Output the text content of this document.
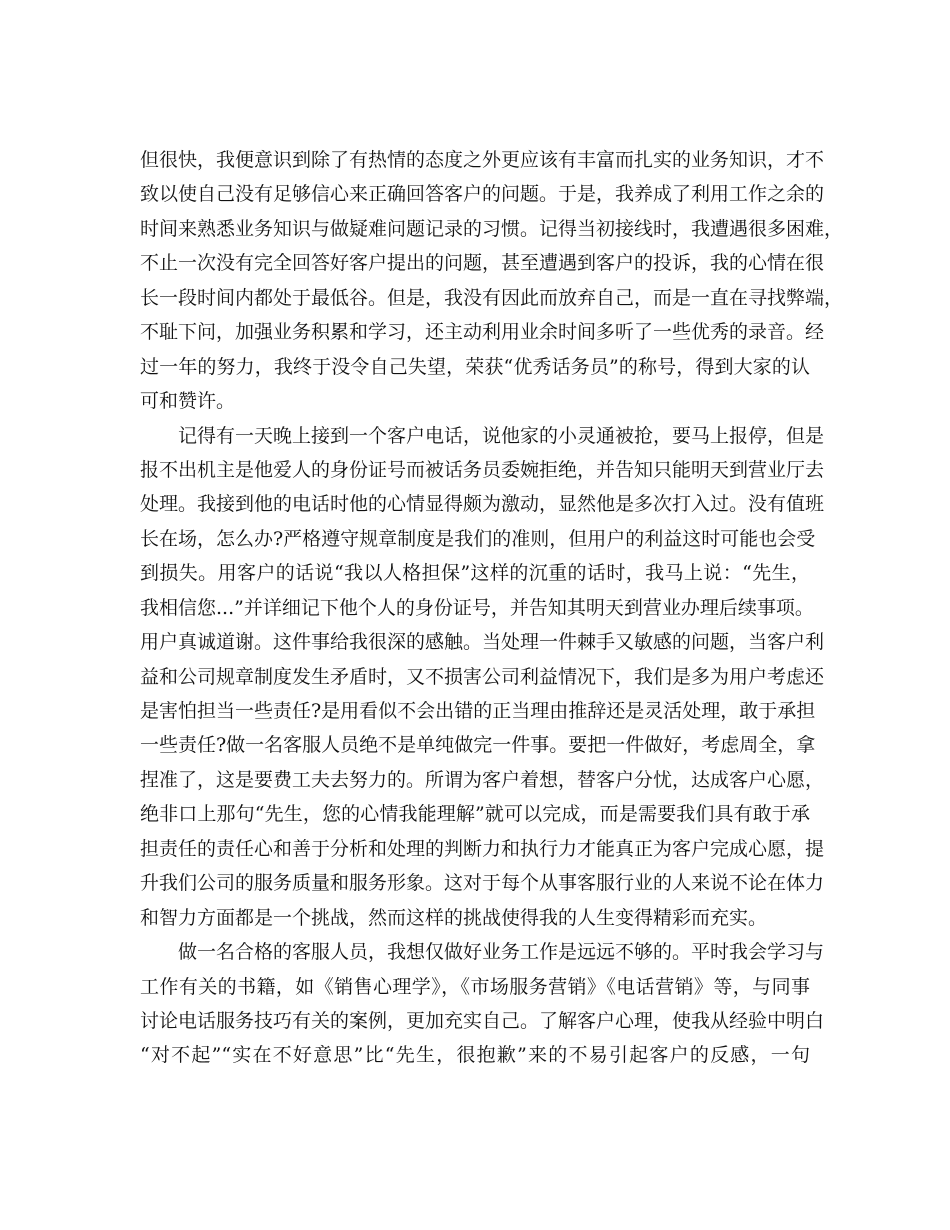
但很快，我便意识到除了有热情的态度之外更应该有丰富而扎实的业务知识，才不
致以使自己没有足够信心来正确回答客户的问题。于是，我养成了利用工作之余的
时间来熟悉业务知识与做疑难问题记录的习惯。记得当初接线时，我遭遇很多困难，
不止一次没有完全回答好客户提出的问题，甚至遭遇到客户的投诉，我的心情在很
长一段时间内都处于最低谷。但是，我没有因此而放弃自己，而是一直在寻找弊端，
不耻下问，加强业务积累和学习，还主动利用业余时间多听了一些优秀的录音。经
过一年的努力，我终于没令自己失望，荣获“优秀话务员”的称号，得到大家的认
可和赞许。
记得有一天晚上接到一个客户电话，说他家的小灵通被抢，要马上报停，但是
报不出机主是他爱人的身份证号而被话务员委婉拒绝，并告知只能明天到营业厅去
处理。我接到他的电话时他的心情显得颇为激动，显然他是多次打入过。没有值班
长在场，怎么办?严格遵守规章制度是我们的准则，但用户的利益这时可能也会受
到损失。用客户的话说“我以人格担保”这样的沉重的话时，我马上说：“先生，
我相信您...”并详细记下他个人的身份证号，并告知其明天到营业办理后续事项。
用户真诚道谢。这件事给我很深的感触。当处理一件棘手又敏感的问题，当客户利
益和公司规章制度发生矛盾时，又不损害公司利益情况下，我们是多为用户考虑还
是害怕担当一些责任?是用看似不会出错的正当理由推辞还是灵活处理，敢于承担
一些责任?做一名客服人员绝不是单纯做完一件事。要把一件做好，考虑周全，拿
捏准了，这是要费工夫去努力的。所谓为客户着想，替客户分忧，达成客户心愿，
绝非口上那句“先生，您的心情我能理解”就可以完成，而是需要我们具有敢于承
担责任的责任心和善于分析和处理的判断力和执行力才能真正为客户完成心愿，提
升我们公司的服务质量和服务形象。这对于每个从事客服行业的人来说不论在体力
和智力方面都是一个挑战，然而这样的挑战使得我的人生变得精彩而充实。
做一名合格的客服人员，我想仅做好业务工作是远远不够的。平时我会学习与
工作有关的书籍，如《销售心理学》，《市场服务营销》《电话营销》等，与同事
讨论电话服务技巧有关的案例，更加充实自己。了解客户心理，使我从经验中明白
“对不起”“实在不好意思”比“先生，很抱歉”来的不易引起客户的反感，一句
